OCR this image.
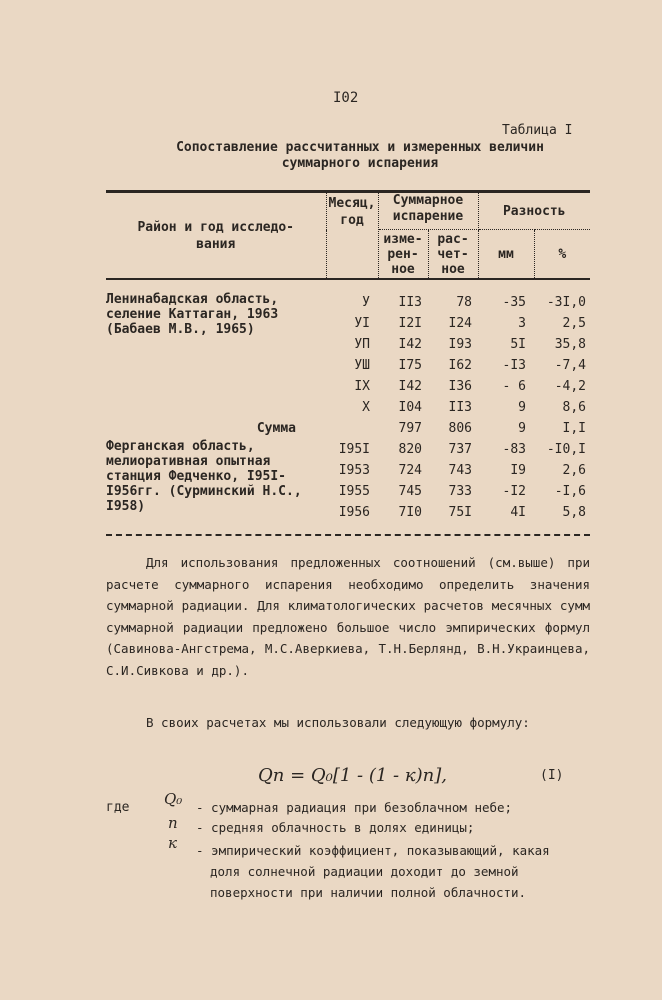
I02
Таблица I
Сопоставление рассчитанных и измеренных величин суммарного испарения
Район и год исследо- вания	Месяц, год	Суммарное испарение		Разность	
		изме- рен- ное	рас- чет- ное	мм	%

Ленинабадская область, селение Каттаган, 1963 (Бабаев М.В., 1965)	У	II3	78	-35	-3I,0
	УI	I2I	I24	3	2,5
	УП	I42	I93	5I	35,8
	УШ	I75	I62	-I3	-7,4
	IX	I42	I36	- 6	-4,2
	X	I04	II3	9	8,6
Сумма		797	806	9	I,I
Ферганская область, мелиоративная опытная станция Федченко, I95I-I956гг. (Сурминский Н.С., I958)	I95I	820	737	-83	-I0,I
	I953	724	743	I9	2,6
	I955	745	733	-I2	-I,6
	I956	7I0	75I	4I	5,8
Для использования предложенных соотношений (см.выше) при расчете суммарного испарения необходимо определить значения суммарной радиации. Для климатологических расчетов месячных сумм суммарной радиации предложено большое число эмпирических формул (Савинова-Ангстрема, М.С.Аверкиева, Т.Н.Берлянд, В.Н.Украинцева, С.И.Сивкова и др.).
В своих расчетах мы использовали следующую формулу:
Qп = Q₀[1 - (1 - к)п],	(I)
где Q₀ - суммарная радиация при безоблачном небе;
п - средняя облачность в долях единицы;
к - эмпирический коэффициент, показывающий, какая доля солнечной радиации доходит до земной поверхности при наличии полной облачности.
